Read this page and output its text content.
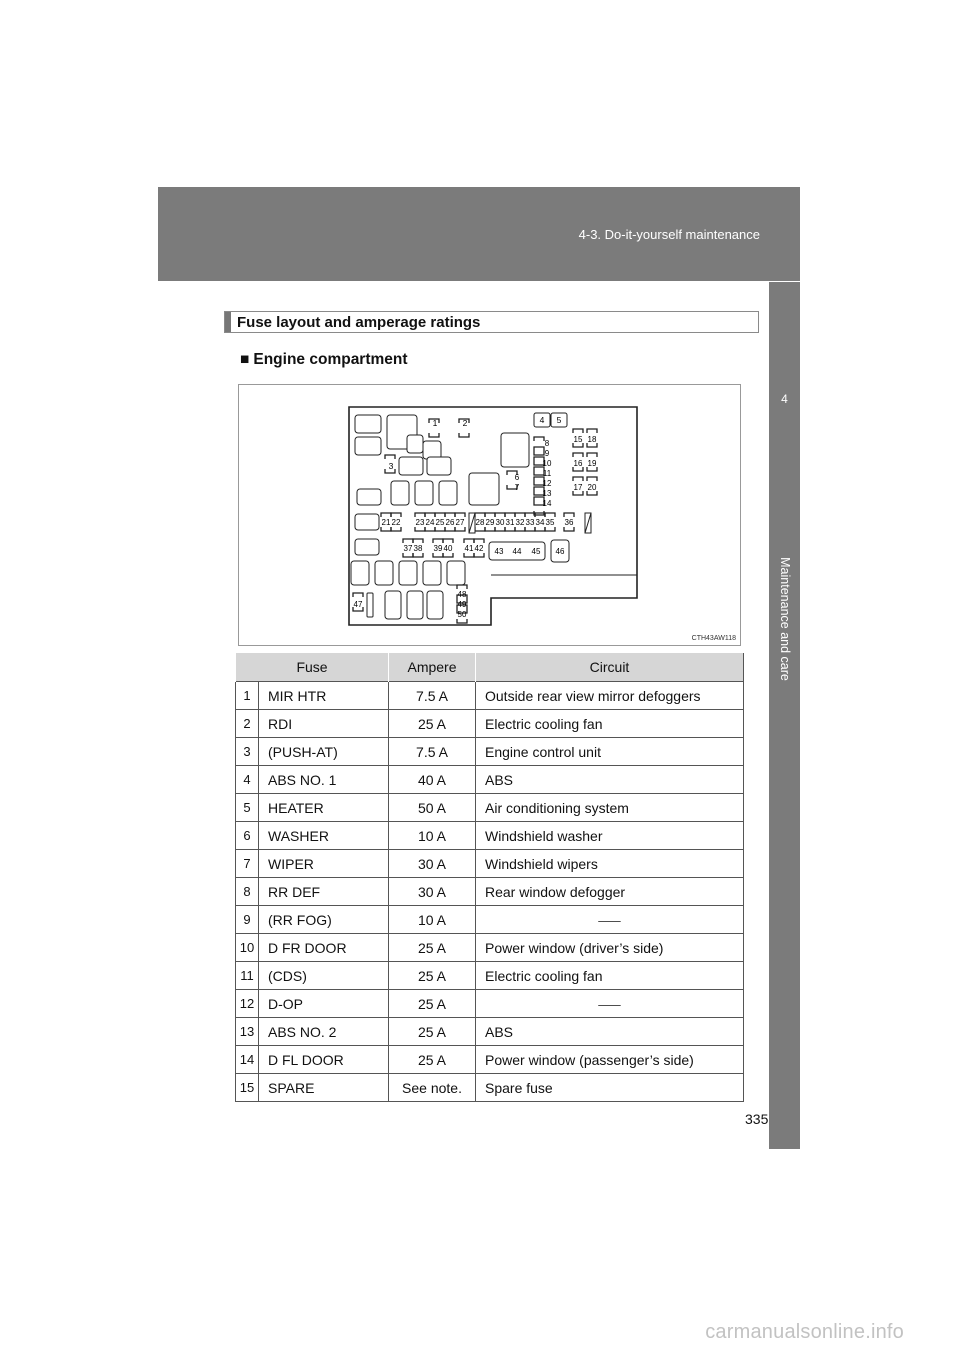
4-3. Do-it-yourself maintenance
4
Maintenance and care
Fuse layout and amperage ratings
■ Engine compartment
1	2
3
4 5
8
9
10
11
12
13
14
6
7
15 18
16 19
17 20
21 22 23 24 25 26 27 28 29 30 31 32 33 34 35 36
37 38 39 40 41 42 43 44 45 46
47
48
49
50
CTH43AW118
Fuse		Ampere	Circuit
1	MIR HTR	7.5 A	Outside rear view mirror defoggers
2	RDI	25 A	Electric cooling fan
3	(PUSH-AT)	7.5 A	Engine control unit
4	ABS NO. 1	40 A	ABS
5	HEATER	50 A	Air conditioning system
6	WASHER	10 A	Windshield washer
7	WIPER	30 A	Windshield wipers
8	RR DEF	30 A	Rear window defogger
9	(RR FOG)	10 A	⸺
10	D FR DOOR	25 A	Power window (driver’s side)
11	(CDS)	25 A	Electric cooling fan
12	D-OP	25 A	⸺
13	ABS NO. 2	25 A	ABS
14	D FL DOOR	25 A	Power window (passenger’s side)
15	SPARE	See note.	Spare fuse
335
carmanualsonline.info
